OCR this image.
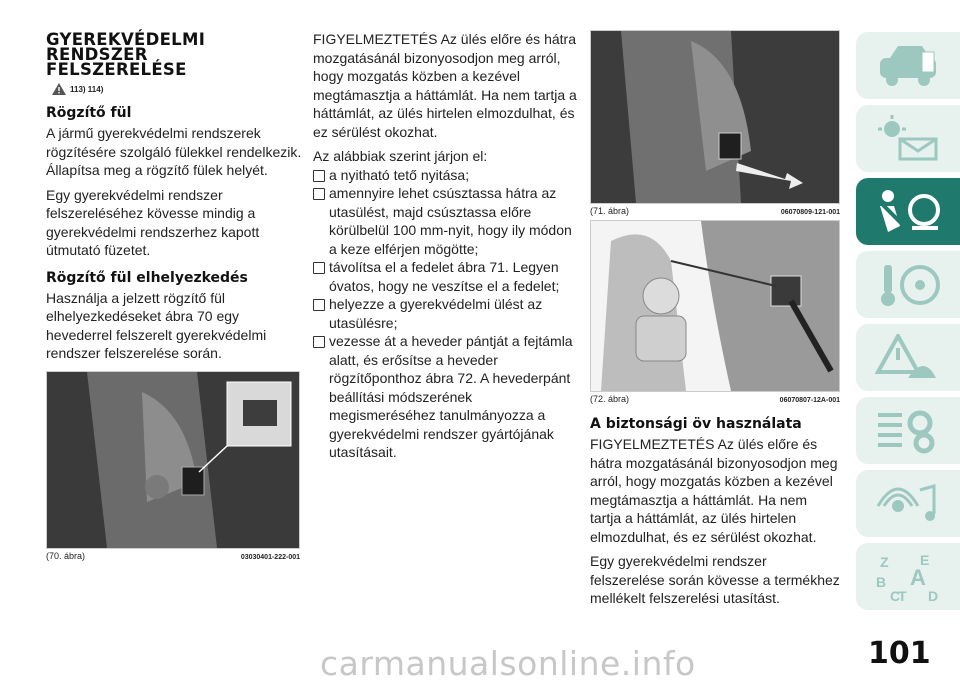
GYEREKVÉDELMI
RENDSZER
FELSZERELÉSE
113) 114)
Rögzítő fül

A jármű gyerekvédelmi rendszerek rögzítésére szolgáló fülekkel rendelkezik. Állapítsa meg a rögzítő fülek helyét.

Egy gyerekvédelmi rendszer felszereléséhez kövesse mindig a gyerekvédelmi rendszerhez kapott útmutató füzetet.

Rögzítő fül elhelyezkedés

Használja a jelzett rögzítő fül elhelyezkedéseket ábra 70 egy hevederrel felszerelt gyerekvédelmi rendszer felszerelése során.

(70. ábra)	03030401-222-001

FIGYELMEZTETÉS Az ülés előre és hátra mozgatásánál bizonyosodjon meg arról, hogy mozgatás közben a kezével megtámasztja a háttámlát. Ha nem tartja a háttámlát, az ülés hirtelen elmozdulhat, és ez sérülést okozhat.

Az alábbiak szerint járjon el:

a nyitható tető nyitása;

amennyire lehet csúsztassa hátra az utasülést, majd csúsztassa előre körülbelül 100 mm-nyit, hogy ily módon a keze elférjen mögötte;

távolítsa el a fedelet ábra 71. Legyen óvatos, hogy ne veszítse el a fedelet;

helyezze a gyerekvédelmi ülést az utasülésre;

vezesse át a heveder pántját a fejtámla alatt, és erősítse a heveder rögzítőponthoz ábra 72. A hevederpánt beállítási módszerének megismeréséhez tanulmányozza a gyerekvédelmi rendszer gyártójának utasításait.

(71. ábra)	06070809-121-001
(72. ábra)	06070807-12A-001
A biztonsági öv használata

FIGYELMEZTETÉS Az ülés előre és hátra mozgatásánál bizonyosodjon meg arról, hogy mozgatás közben a kezével megtámasztja a háttámlát. Ha nem tartja a háttámlát, az ülés hirtelen elmozdulhat, és ez sérülést okozhat.

Egy gyerekvédelmi rendszer felszerelése során kövesse a termékhez mellékelt felszerelési utasítást.

Z E
B A
C
T D
carmanualsonline.info	101
